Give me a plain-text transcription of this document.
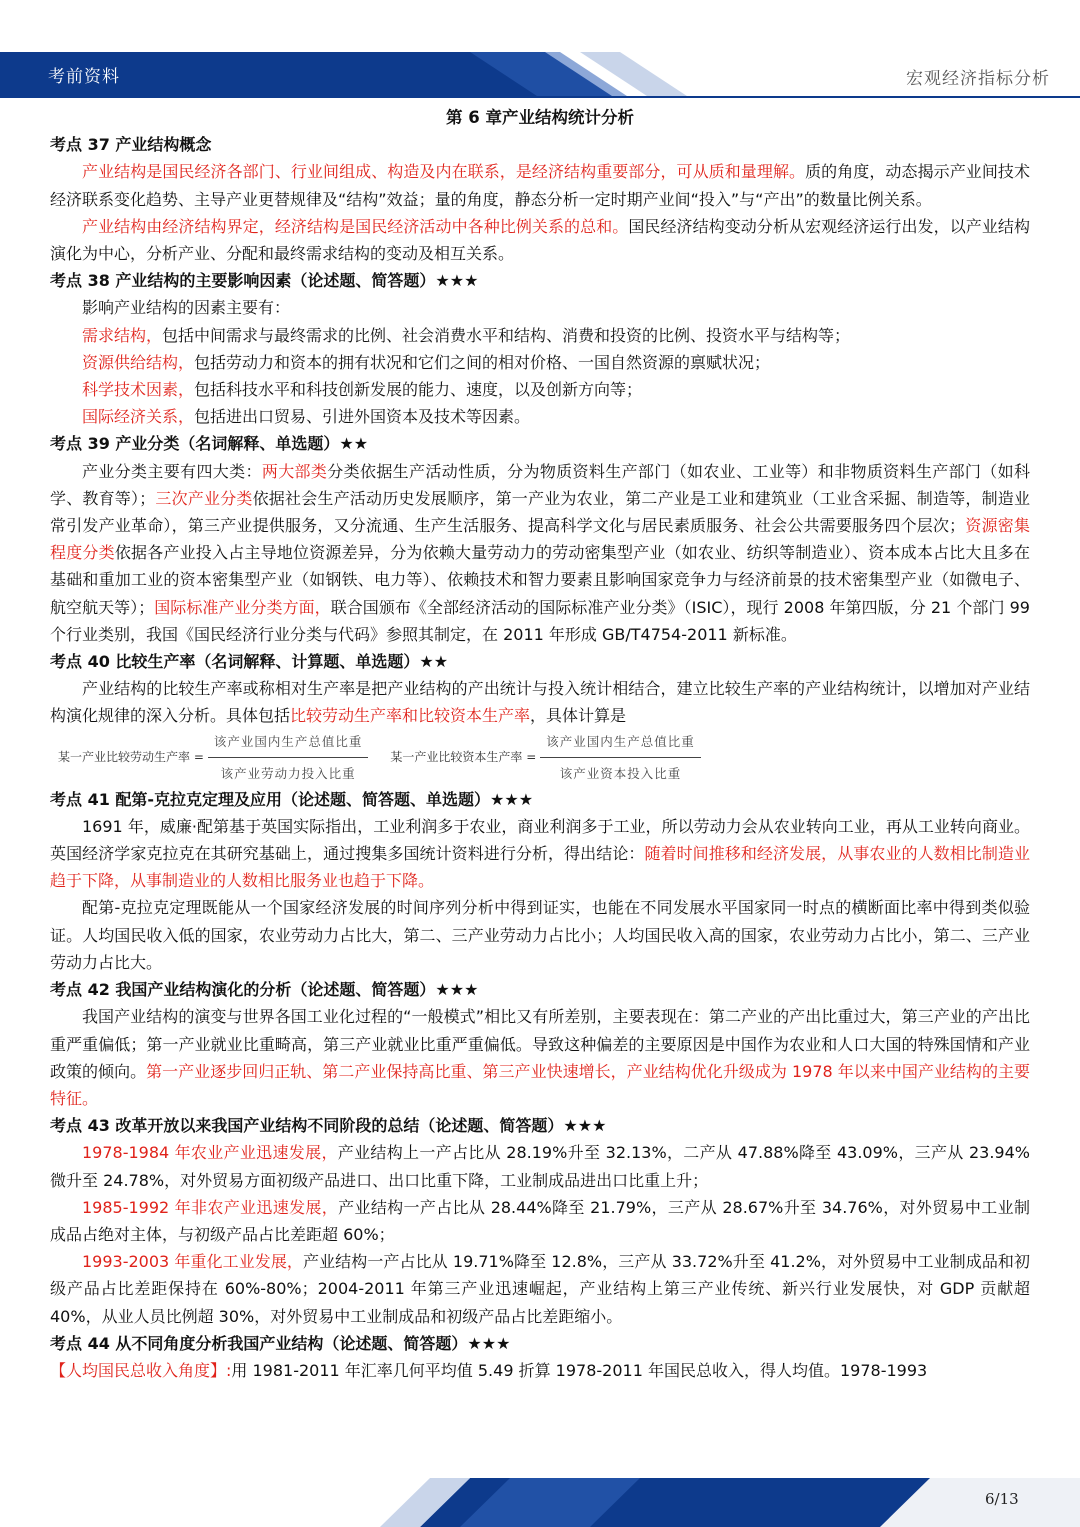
考前资料	宏观经济指标分析

第 6 章产业结构统计分析

考点 37 产业结构概念

产业结构是国民经济各部门、行业间组成、构造及内在联系，是经济结构重要部分，可从质和量理解。质的角度，动态揭示产业间技术经济联系变化趋势、主导产业更替规律及“结构”效益；量的角度，静态分析一定时期产业间“投入”与“产出”的数量比例关系。

产业结构由经济结构界定，经济结构是国民经济活动中各种比例关系的总和。国民经济结构变动分析从宏观经济运行出发，以产业结构演化为中心，分析产业、分配和最终需求结构的变动及相互关系。

考点 38 产业结构的主要影响因素（论述题、简答题）★★★

影响产业结构的因素主要有：

需求结构，包括中间需求与最终需求的比例、社会消费水平和结构、消费和投资的比例、投资水平与结构等；

资源供给结构，包括劳动力和资本的拥有状况和它们之间的相对价格、一国自然资源的禀赋状况；

科学技术因素，包括科技水平和科技创新发展的能力、速度，以及创新方向等；

国际经济关系，包括进出口贸易、引进外国资本及技术等因素。

考点 39 产业分类（名词解释、单选题）★★

产业分类主要有四大类：两大部类分类依据生产活动性质，分为物质资料生产部门（如农业、工业等）和非物质资料生产部门（如科学、教育等）；三次产业分类依据社会生产活动历史发展顺序，第一产业为农业，第二产业是工业和建筑业（工业含采掘、制造等，制造业常引发产业革命），第三产业提供服务，又分流通、生产生活服务、提高科学文化与居民素质服务、社会公共需要服务四个层次；资源密集程度分类依据各产业投入占主导地位资源差异，分为依赖大量劳动力的劳动密集型产业（如农业、纺织等制造业）、资本成本占比大且多在基础和重加工业的资本密集型产业（如钢铁、电力等）、依赖技术和智力要素且影响国家竞争力与经济前景的技术密集型产业（如微电子、航空航天等）；国际标准产业分类方面，联合国颁布《全部经济活动的国际标准产业分类》（ISIC），现行 2008 年第四版，分 21 个部门 99 个行业类别，我国《国民经济行业分类与代码》参照其制定，在 2011 年形成 GB/T4754-2011 新标准。

考点 40 比较生产率（名词解释、计算题、单选题）★★

产业结构的比较生产率或称相对生产率是把产业结构的产出统计与投入统计相结合，建立比较生产率的产业结构统计，以增加对产业结构演化规律的深入分析。具体包括比较劳动生产率和比较资本生产率，具体计算是

某一产业比较劳动生产率 = $\frac{\text{该产业国内生产总值比重}}{\text{该产业劳动力投入比重}}$ 某一产业比较资本生产率 = $\frac{\text{该产业国内生产总值比重}}{\text{该产业资本投入比重}}$

考点 41 配第-克拉克定理及应用（论述题、简答题、单选题）★★★

1691 年，威廉·配第基于英国实际指出，工业利润多于农业，商业利润多于工业，所以劳动力会从农业转向工业，再从工业转向商业。英国经济学家克拉克在其研究基础上，通过搜集多国统计资料进行分析，得出结论：随着时间推移和经济发展，从事农业的人数相比制造业趋于下降，从事制造业的人数相比服务业也趋于下降。

配第-克拉克定理既能从一个国家经济发展的时间序列分析中得到证实，也能在不同发展水平国家同一时点的横断面比率中得到类似验证。人均国民收入低的国家，农业劳动力占比大，第二、三产业劳动力占比小；人均国民收入高的国家，农业劳动力占比小，第二、三产业劳动力占比大。

考点 42 我国产业结构演化的分析（论述题、简答题）★★★

我国产业结构的演变与世界各国工业化过程的“一般模式”相比又有所差别，主要表现在：第二产业的产出比重过大，第三产业的产出比重严重偏低；第一产业就业比重畸高，第三产业就业比重严重偏低。导致这种偏差的主要原因是中国作为农业和人口大国的特殊国情和产业政策的倾向。第一产业逐步回归正轨、第二产业保持高比重、第三产业快速增长，产业结构优化升级成为 1978 年以来中国产业结构的主要特征。

考点 43 改革开放以来我国产业结构不同阶段的总结（论述题、简答题）★★★

1978-1984 年农业产业迅速发展，产业结构上一产占比从 28.19%升至 32.13%，二产从 47.88%降至 43.09%，三产从 23.94%微升至 24.78%，对外贸易方面初级产品进口、出口比重下降，工业制成品进出口比重上升；

1985-1992 年非农产业迅速发展，产业结构一产占比从 28.44%降至 21.79%，三产从 28.67%升至 34.76%，对外贸易中工业制成品占绝对主体，与初级产品占比差距超 60%；

1993-2003 年重化工业发展，产业结构一产占比从 19.71%降至 12.8%，三产从 33.72%升至 41.2%，对外贸易中工业制成品和初级产品占比差距保持在 60%-80%；2004-2011 年第三产业迅速崛起，产业结构上第三产业传统、新兴行业发展快，对 GDP 贡献超 40%，从业人员比例超 30%，对外贸易中工业制成品和初级产品占比差距缩小。

考点 44 从不同角度分析我国产业结构（论述题、简答题）★★★

【人均国民总收入角度】:用 1981-2011 年汇率几何平均值 5.49 折算 1978-2011 年国民总收入，得人均值。1978-1993

6/13
